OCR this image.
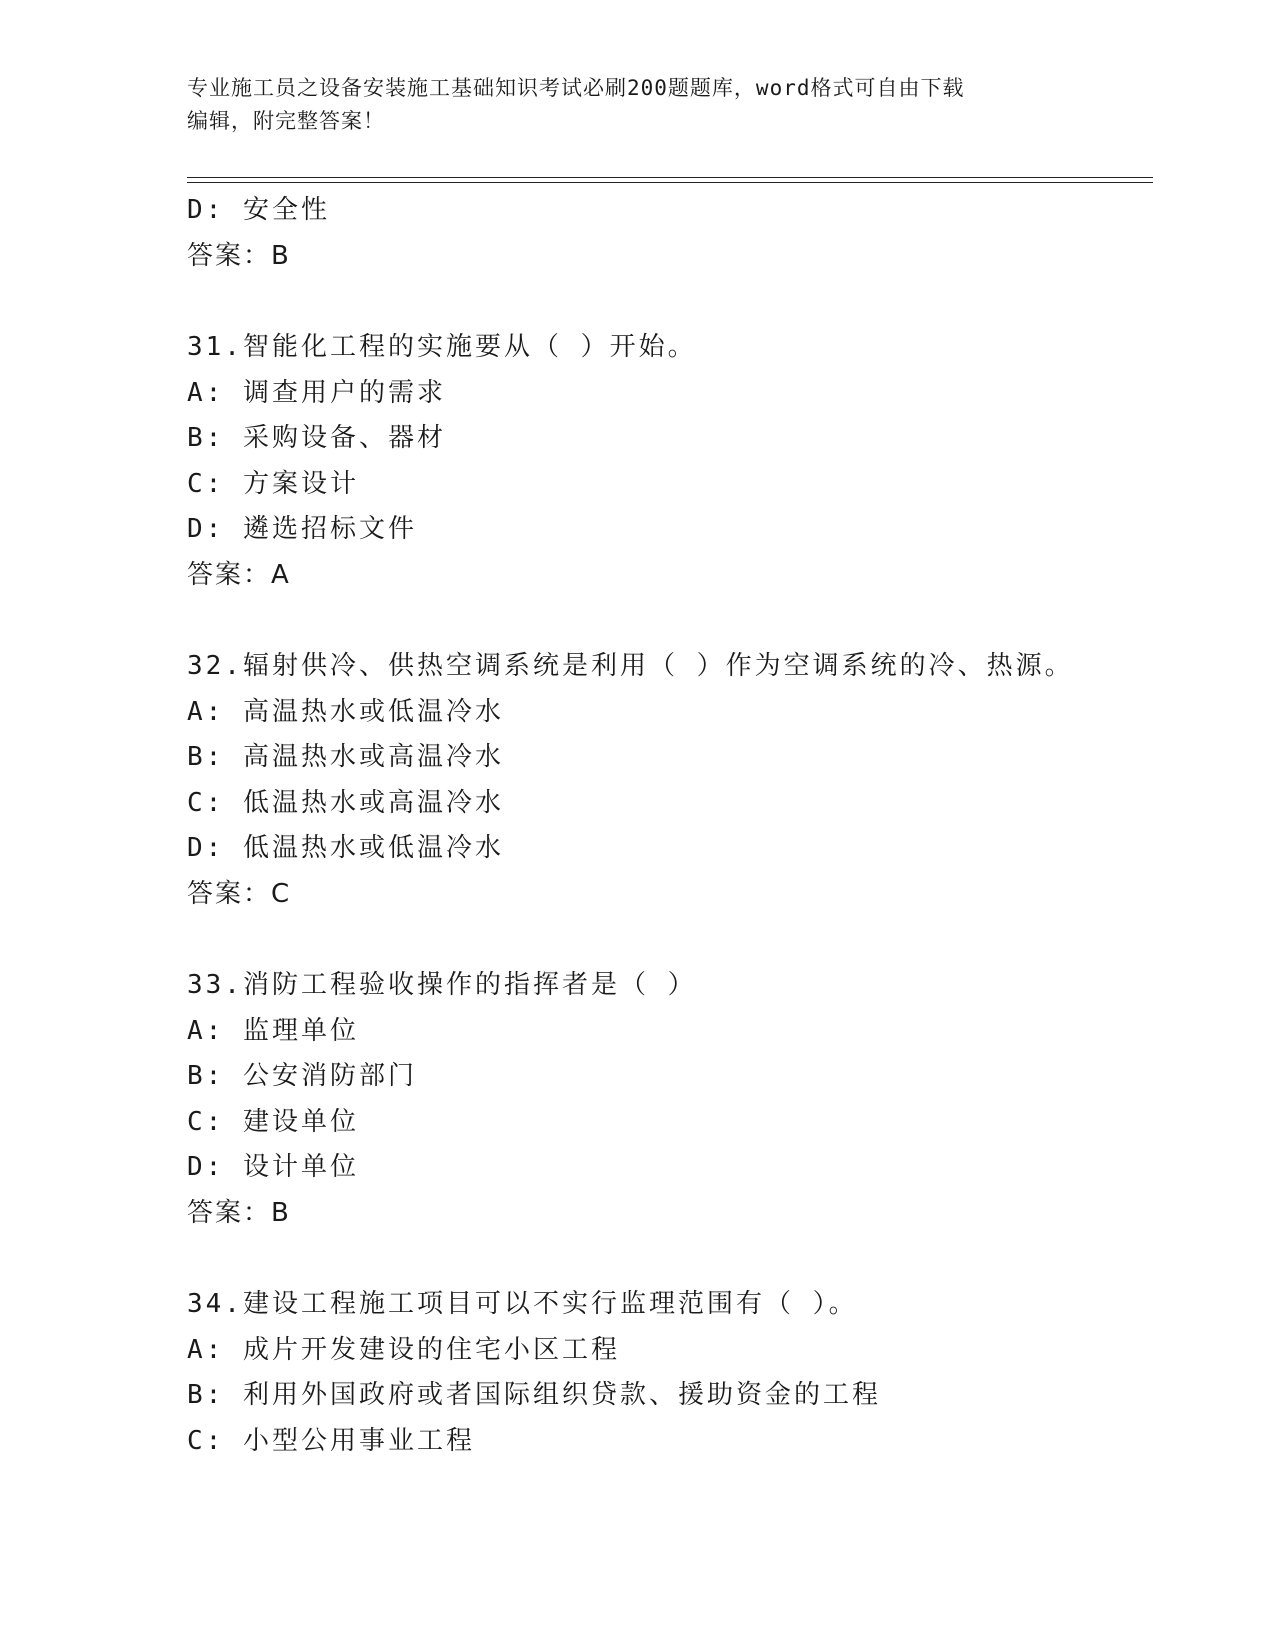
专业施工员之设备安装施工基础知识考试必刷200题题库，word格式可自由下载
编辑，附完整答案！
D: 安全性
答案：B
31.智能化工程的实施要从（ ）开始。
A: 调查用户的需求
B: 采购设备、器材
C: 方案设计
D: 遴选招标文件
答案：A
32.辐射供冷、供热空调系统是利用（ ）作为空调系统的冷、热源。
A: 高温热水或低温冷水
B: 高温热水或高温冷水
C: 低温热水或高温冷水
D: 低温热水或低温冷水
答案：C
33.消防工程验收操作的指挥者是（ ）
A: 监理单位
B: 公安消防部门
C: 建设单位
D: 设计单位
答案：B
34.建设工程施工项目可以不实行监理范围有（ ）。
A: 成片开发建设的住宅小区工程
B: 利用外国政府或者国际组织贷款、援助资金的工程
C: 小型公用事业工程
